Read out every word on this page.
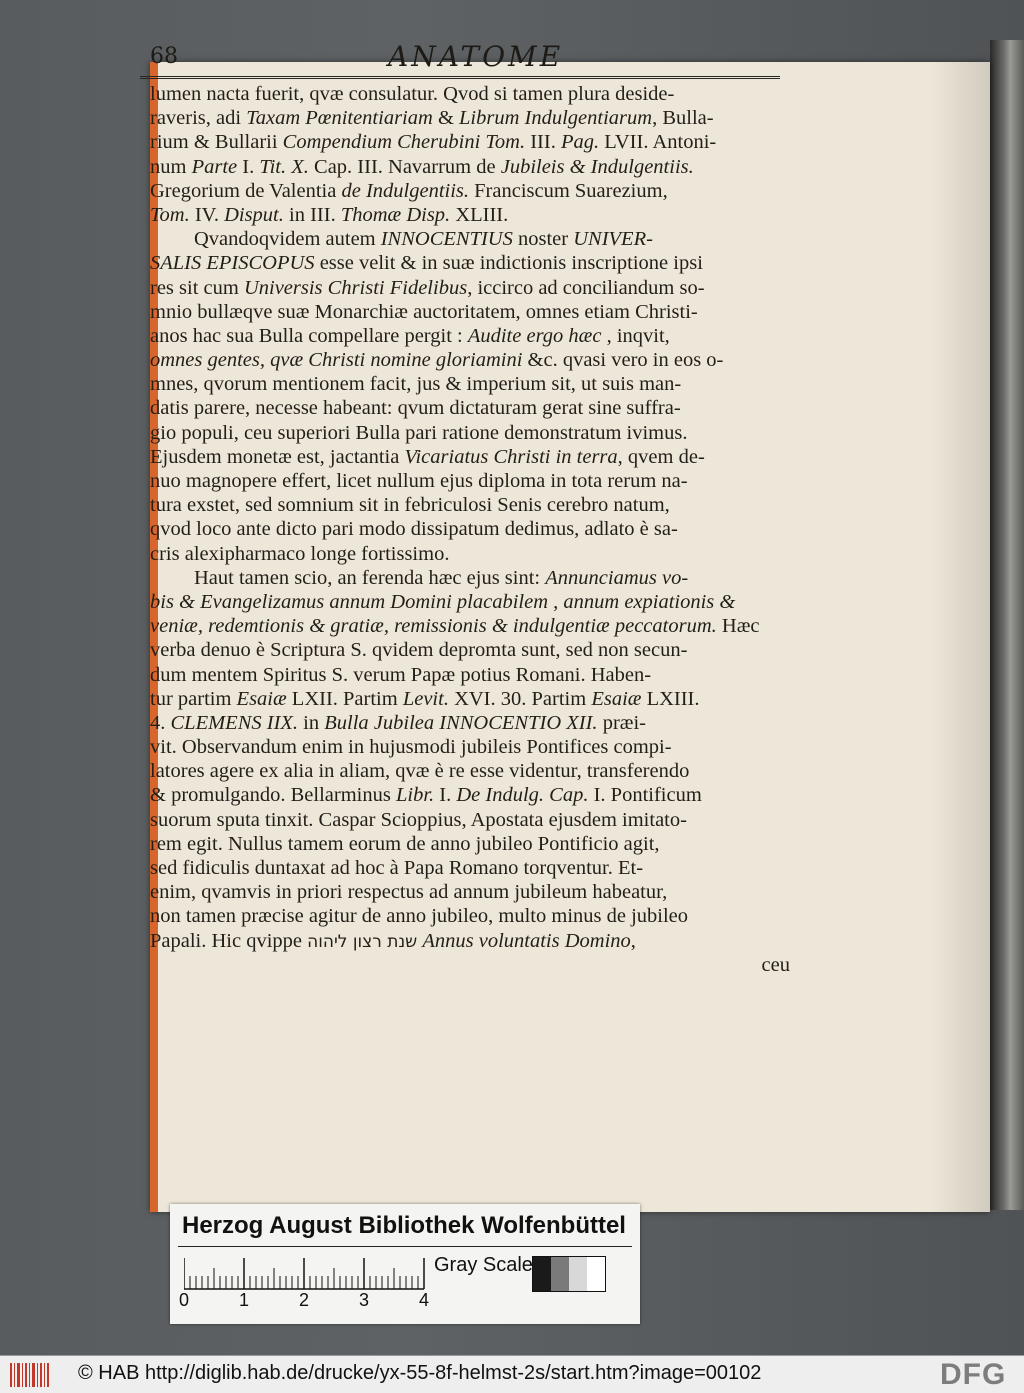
68	ANATOME
lumen nacta fuerit, qvæ consulatur. Qvod si tamen plura deside-
raveris, adi Taxam Pœnitentiariam & Librum Indulgentiarum, Bulla-
rium & Bullarii Compendium Cherubini Tom. III. Pag. LVII. Antoni-
num Parte I. Tit. X. Cap. III. Navarrum de Jubileis & Indulgentiis.
Gregorium de Valentia de Indulgentiis. Franciscum Suarezium,
Tom. IV. Disput. in III. Thomæ Disp. XLIII.
Qvandoqvidem autem INNOCENTIUS noster UNIVER-
SALIS EPISCOPUS esse velit & in suæ indictionis inscriptione ipsi
res sit cum Universis Christi Fidelibus, iccirco ad conciliandum so-
mnio bullæqve suæ Monarchiæ auctoritatem, omnes etiam Christi-
anos hac sua Bulla compellare pergit : Audite ergo hæc , inqvit,
omnes gentes, qvæ Christi nomine gloriamini &c. qvasi vero in eos o-
mnes, qvorum mentionem facit, jus & imperium sit, ut suis man-
datis parere, necesse habeant: qvum dictaturam gerat sine suffra-
gio populi, ceu superiori Bulla pari ratione demonstratum ivimus.
Ejusdem monetæ est, jactantia Vicariatus Christi in terra, qvem de-
nuo magnopere effert, licet nullum ejus diploma in tota rerum na-
tura exstet, sed somnium sit in febriculosi Senis cerebro natum,
qvod loco ante dicto pari modo dissipatum dedimus, adlato è sa-
cris alexipharmaco longe fortissimo.
Haut tamen scio, an ferenda hæc ejus sint: Annunciamus vo-
bis & Evangelizamus annum Domini placabilem , annum expiationis &
veniæ, redemtionis & gratiæ, remissionis & indulgentiæ peccatorum. Hæc
verba denuo è Scriptura S. qvidem depromta sunt, sed non secun-
dum mentem Spiritus S. verum Papæ potius Romani. Haben-
tur partim Esaiæ LXII. Partim Levit. XVI. 30. Partim Esaiæ LXIII.
4. CLEMENS IIX. in Bulla Jubilea INNOCENTIO XII. præi-
vit. Observandum enim in hujusmodi jubileis Pontifices compi-
latores agere ex alia in aliam, qvæ è re esse videntur, transferendo
& promulgando. Bellarminus Libr. I. De Indulg. Cap. I. Pontificum
suorum sputa tinxit. Caspar Scioppius, Apostata ejusdem imitato-
rem egit. Nullus tamem eorum de anno jubileo Pontificio agit,
sed fidiculis duntaxat ad hoc à Papa Romano torqventur. Et-
enim, qvamvis in priori respectus ad annum jubileum habeatur,
non tamen præcise agitur de anno jubileo, multo minus de jubileo
Papali. Hic qvippe שנת רצון ליהוה Annus voluntatis Domino,
ceu
Herzog August Bibliothek Wolfenbüttel
0	1	2	3	4
Gray Scale
© HAB http://diglib.hab.de/drucke/yx-55-8f-helmst-2s/start.htm?image=00102	DFG
